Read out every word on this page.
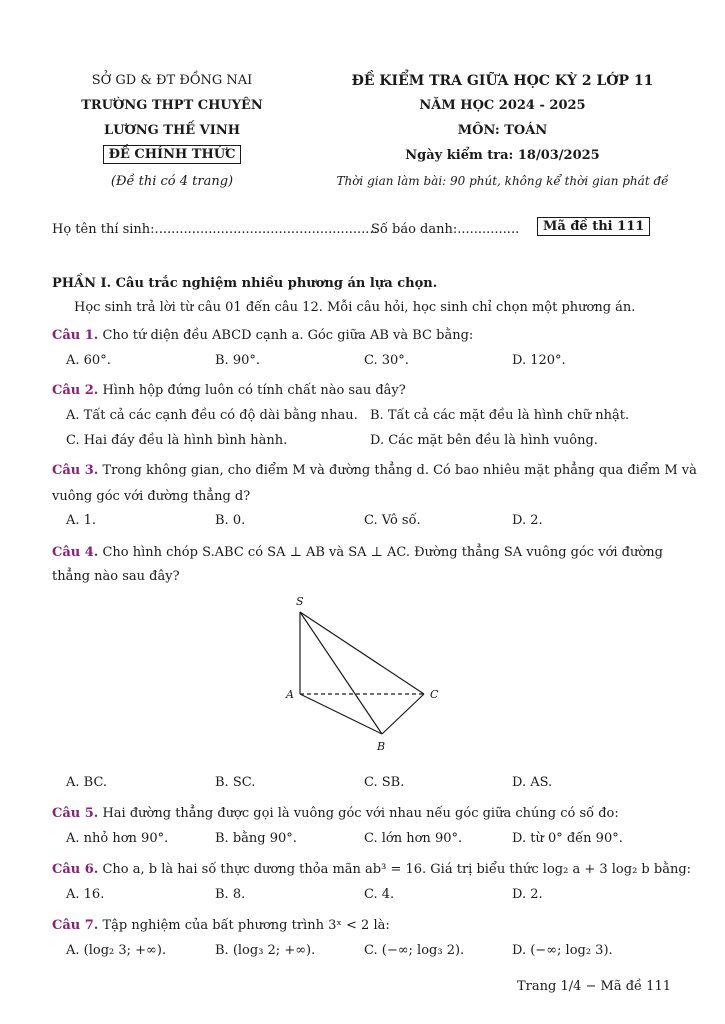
SỞ GD & ĐT ĐỒNG NAI
TRƯỜNG THPT CHUYÊN
LƯƠNG THẾ VINH
ĐỀ CHÍNH THỨC
(Đề thi có 4 trang)
ĐỀ KIỂM TRA GIỮA HỌC KỲ 2 LỚP 11
NĂM HỌC 2024 - 2025
MÔN: TOÁN
Ngày kiểm tra: 18/03/2025
Thời gian làm bài: 90 phút, không kể thời gian phát đề
Họ tên thí sinh:......................................................
Số báo danh:...............	Mã đề thi 111
PHẦN I. Câu trắc nghiệm nhiều phương án lựa chọn.
Học sinh trả lời từ câu 01 đến câu 12. Mỗi câu hỏi, học sinh chỉ chọn một phương án.
Câu 1. Cho tứ diện đều ABCD cạnh a. Góc giữa AB và BC bằng:
A. 60°.	B. 90°.	C. 30°.	D. 120°.
Câu 2. Hình hộp đứng luôn có tính chất nào sau đây?
A. Tất cả các cạnh đều có độ dài bằng nhau. B. Tất cả các mặt đều là hình chữ nhật.
C. Hai đáy đều là hình bình hành.	D. Các mặt bên đều là hình vuông.
Câu 3. Trong không gian, cho điểm M và đường thẳng d. Có bao nhiêu mặt phẳng qua điểm M và
vuông góc với đường thẳng d?
A. 1.	B. 0.	C. Vô số.	D. 2.
Câu 4. Cho hình chóp S.ABC có SA ⊥ AB và SA ⊥ AC. Đường thẳng SA vuông góc với đường
thẳng nào sau đây?
S
A	C
B
A. BC.	B. SC.	C. SB.	D. AS.
Câu 5. Hai đường thẳng được gọi là vuông góc với nhau nếu góc giữa chúng có số đo:
A. nhỏ hơn 90°.	B. bằng 90°.	C. lớn hơn 90°.	D. từ 0° đến 90°.
Câu 6. Cho a, b là hai số thực dương thỏa mãn ab³ = 16. Giá trị biểu thức log₂ a + 3 log₂ b bằng:
A. 16.	B. 8.	C. 4.	D. 2.
Câu 7. Tập nghiệm của bất phương trình 3ˣ < 2 là:
A. (log₂ 3; +∞).	B. (log₃ 2; +∞).	C. (−∞; log₃ 2).	D. (−∞; log₂ 3).
Trang 1/4 − Mã đề 111
